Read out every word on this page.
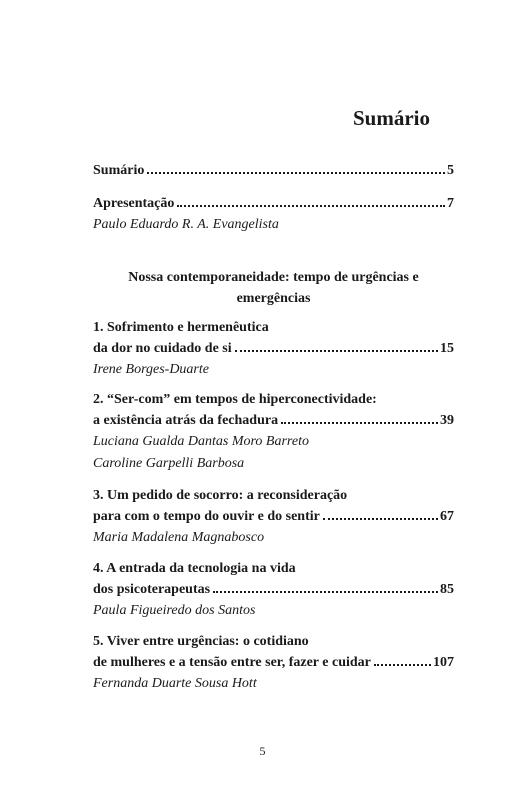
Sumário
Sumário	5
Apresentação	7
Paulo Eduardo R. A. Evangelista
Nossa contemporaneidade: tempo de urgências e
emergências
1. Sofrimento e hermenêutica
da dor no cuidado de si	15
Irene Borges-Duarte
2. “Ser-com” em tempos de hiperconectividade:
a existência atrás da fechadura	39
Luciana Gualda Dantas Moro Barreto
Caroline Garpelli Barbosa
3. Um pedido de socorro: a reconsideração
para com o tempo do ouvir e do sentir	67
Maria Madalena Magnabosco
4. A entrada da tecnologia na vida
dos psicoterapeutas	85
Paula Figueiredo dos Santos
5. Viver entre urgências: o cotidiano
de mulheres e a tensão entre ser, fazer e cuidar	107
Fernanda Duarte Sousa Hott
5
